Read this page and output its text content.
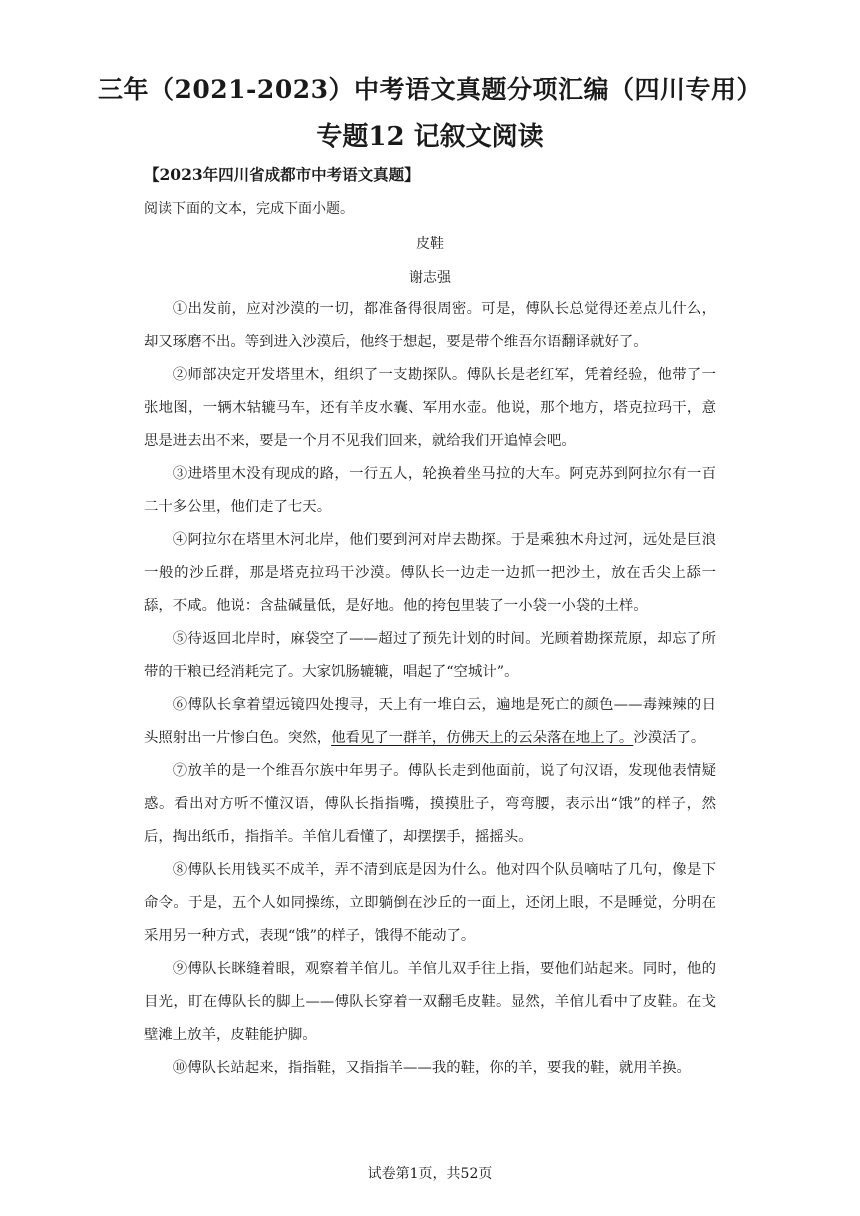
三年（2021-2023）中考语文真题分项汇编（四川专用）
专题12 记叙文阅读
【2023年四川省成都市中考语文真题】
阅读下面的文本，完成下面小题。
皮鞋
谢志强

①出发前，应对沙漠的一切，都准备得很周密。可是，傅队长总觉得还差点儿什么，却又琢磨不出。等到进入沙漠后，他终于想起，要是带个维吾尔语翻译就好了。

②师部决定开发塔里木，组织了一支勘探队。傅队长是老红军，凭着经验，他带了一张地图，一辆木轱辘马车，还有羊皮水囊、军用水壶。他说，那个地方，塔克拉玛干，意思是进去出不来，要是一个月不见我们回来，就给我们开追悼会吧。

③进塔里木没有现成的路，一行五人，轮换着坐马拉的大车。阿克苏到阿拉尔有一百二十多公里，他们走了七天。

④阿拉尔在塔里木河北岸，他们要到河对岸去勘探。于是乘独木舟过河，远处是巨浪一般的沙丘群，那是塔克拉玛干沙漠。傅队长一边走一边抓一把沙土，放在舌尖上舔一舔，不咸。他说：含盐碱量低，是好地。他的挎包里装了一小袋一小袋的土样。

⑤待返回北岸时，麻袋空了——超过了预先计划的时间。光顾着勘探荒原，却忘了所带的干粮已经消耗完了。大家饥肠辘辘，唱起了“空城计”。

⑥傅队长拿着望远镜四处搜寻，天上有一堆白云，遍地是死亡的颜色——毒辣辣的日头照射出一片惨白色。突然，他看见了一群羊，仿佛天上的云朵落在地上了。沙漠活了。

⑦放羊的是一个维吾尔族中年男子。傅队长走到他面前，说了句汉语，发现他表情疑惑。看出对方听不懂汉语，傅队长指指嘴，摸摸肚子，弯弯腰，表示出“饿”的样子，然后，掏出纸币，指指羊。羊倌儿看懂了，却摆摆手，摇摇头。

⑧傅队长用钱买不成羊，弄不清到底是因为什么。他对四个队员嘀咕了几句，像是下命令。于是，五个人如同操练，立即躺倒在沙丘的一面上，还闭上眼，不是睡觉，分明在采用另一种方式，表现“饿”的样子，饿得不能动了。

⑨傅队长眯缝着眼，观察着羊倌儿。羊倌儿双手往上指，要他们站起来。同时，他的目光，盯在傅队长的脚上——傅队长穿着一双翻毛皮鞋。显然，羊倌儿看中了皮鞋。在戈壁滩上放羊，皮鞋能护脚。

⑩傅队长站起来，指指鞋，又指指羊——我的鞋，你的羊，要我的鞋，就用羊换。

试卷第1页，共52页
